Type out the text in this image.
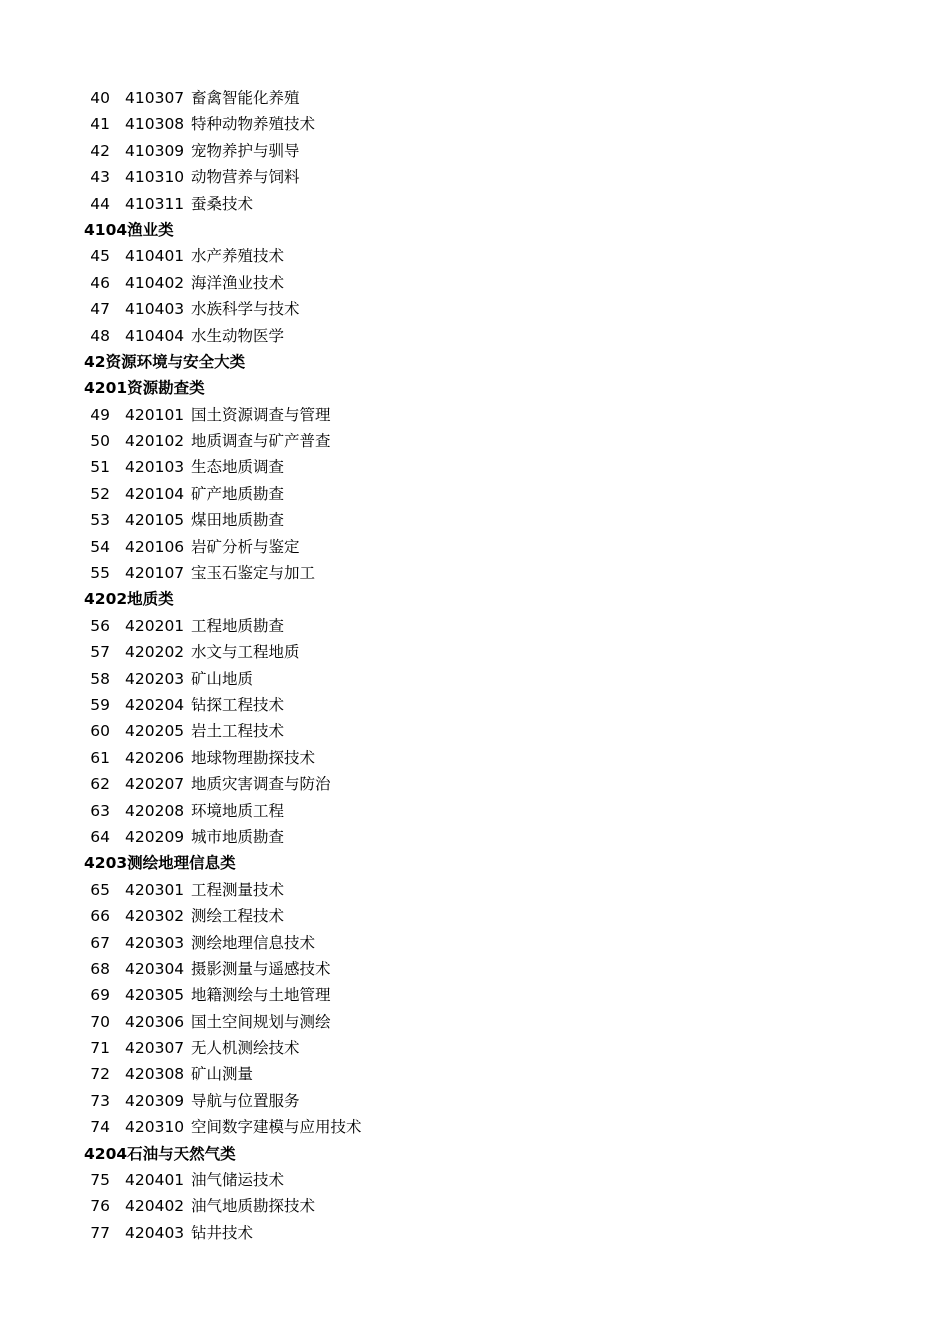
40 410307 畜禽智能化养殖
41 410308 特种动物养殖技术
42 410309 宠物养护与驯导
43 410310 动物营养与饲料
44 410311 蚕桑技术
4104渔业类
45 410401 水产养殖技术
46 410402 海洋渔业技术
47 410403 水族科学与技术
48 410404 水生动物医学
42资源环境与安全大类
4201资源勘查类
49 420101 国土资源调查与管理
50 420102 地质调查与矿产普查
51 420103 生态地质调查
52 420104 矿产地质勘查
53 420105 煤田地质勘查
54 420106 岩矿分析与鉴定
55 420107 宝玉石鉴定与加工
4202地质类
56 420201 工程地质勘查
57 420202 水文与工程地质
58 420203 矿山地质
59 420204 钻探工程技术
60 420205 岩土工程技术
61 420206 地球物理勘探技术
62 420207 地质灾害调查与防治
63 420208 环境地质工程
64 420209 城市地质勘查
4203测绘地理信息类
65 420301 工程测量技术
66 420302 测绘工程技术
67 420303 测绘地理信息技术
68 420304 摄影测量与遥感技术
69 420305 地籍测绘与土地管理
70 420306 国土空间规划与测绘
71 420307 无人机测绘技术
72 420308 矿山测量
73 420309 导航与位置服务
74 420310 空间数字建模与应用技术
4204石油与天然气类
75 420401 油气储运技术
76 420402 油气地质勘探技术
77 420403 钻井技术
